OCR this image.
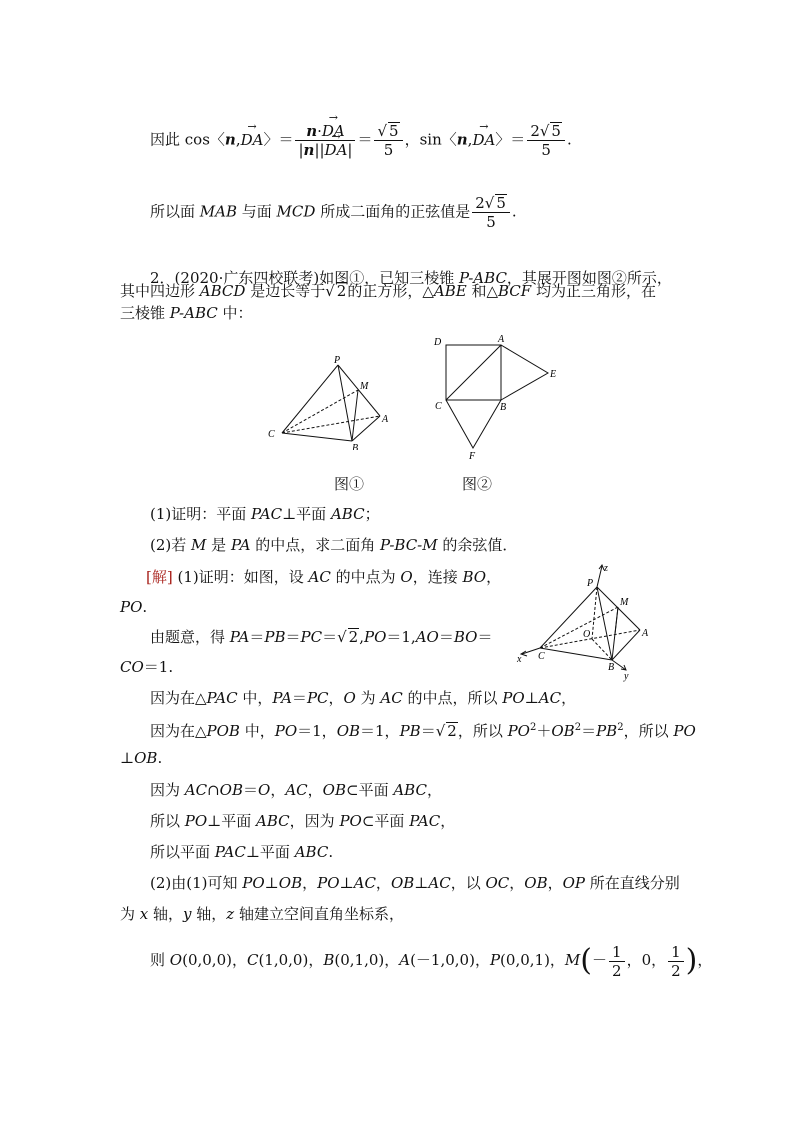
因此 cos〈n,→ DA〉＝ $\frac{n\cdot\to DA}{|n||\to DA|} = \frac{√ 5}{5}$ ，sin〈n,→ DA〉＝ $\frac{2√ 5}{5}$ .
所以面 MAB 与面 MCD 所成二面角的正弦值是 $\frac{2√ 5}{5}$ .
2．(2020·广东四校联考)如图①，已知三棱锥 P-ABC，其展开图如图②所示，
其中四边形 ABCD 是边长等于√ 2的正方形，△ABE 和△BCF 均为正三角形，在
三棱锥 P-ABC 中：
P
M
A
C
B
图①
D	A
E
C	B
F
图②
(1)证明：平面 PAC⊥平面 ABC；
(2)若 M 是 PA 的中点，求二面角 P-BC-M 的余弦值．
[解] (1)证明：如图，设 AC 的中点为 O，连接 BO，
PO.
由题意，得 PA＝PB＝PC＝√ 2,PO＝1,AO＝BO＝
CO＝1.
z
P
M
O	A
x C
B
y
因为在△PAC 中，PA＝PC，O 为 AC 的中点，所以 PO⊥AC，
因为在△POB 中，PO＝1，OB＝1，PB＝√ 2，所以 $PO^2+OB^2=PB^2$，所以 PO
⊥OB.
因为 AC∩OB＝O，AC，OB⊂平面 ABC，
所以 PO⊥平面 ABC，因为 PO⊂平面 PAC，
所以平面 PAC⊥平面 ABC.
(2)由(1)可知 PO⊥OB，PO⊥AC，OB⊥AC，以 OC，OB，OP 所在直线分别
为 x 轴，y 轴，z 轴建立空间直角坐标系，
则 O(0,0,0)，C(1,0,0)，B(0,1,0)，A(－1,0,0)，P(0,0,1)，$M(- \frac{1}{2}$ ，0， $\frac{1}{2}$ )，
